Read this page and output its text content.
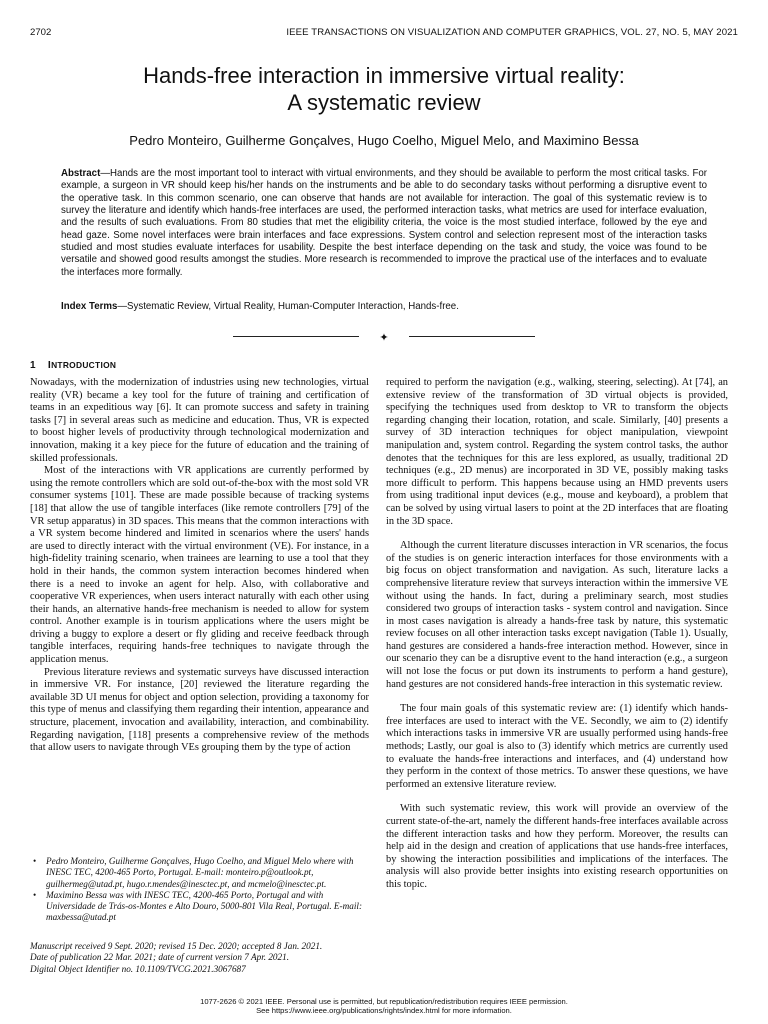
2702	IEEE TRANSACTIONS ON VISUALIZATION AND COMPUTER GRAPHICS, VOL. 27, NO. 5, MAY 2021
Hands-free interaction in immersive virtual reality:
A systematic review
Pedro Monteiro, Guilherme Gonçalves, Hugo Coelho, Miguel Melo, and Maximino Bessa
Abstract—Hands are the most important tool to interact with virtual environments, and they should be available to perform the most critical tasks. For example, a surgeon in VR should keep his/her hands on the instruments and be able to do secondary tasks without performing a disruptive event to the operative task. In this common scenario, one can observe that hands are not available for interaction. The goal of this systematic review is to survey the literature and identify which hands-free interfaces are used, the performed interaction tasks, what metrics are used for interface evaluation, and the results of such evaluations. From 80 studies that met the eligibility criteria, the voice is the most studied interface, followed by the eye and head gaze. Some novel interfaces were brain interfaces and face expressions. System control and selection represent most of the interaction tasks studied and most studies evaluate interfaces for usability. Despite the best interface depending on the task and study, the voice was found to be versatile and showed good results amongst the studies. More research is recommended to improve the practical use of the interfaces and to evaluate the interfaces more formally.
Index Terms—Systematic Review, Virtual Reality, Human-Computer Interaction, Hands-free.
✦
1 INTRODUCTION

Nowadays, with the modernization of industries using new technologies, virtual reality (VR) became a key tool for the future of training and certification of teams in an expeditious way [6]. It can promote success and safety in training tasks [7] in several areas such as medicine and education. Thus, VR is expected to boost higher levels of productivity through technological modernization and innovation, making it a key piece for the future of education and the training of skilled professionals.

Most of the interactions with VR applications are currently performed by using the remote controllers which are sold out-of-the-box with the most sold VR consumer systems [101]. These are made possible because of tracking systems [18] that allow the use of tangible interfaces (like remote controllers [79] of the VR setup apparatus) in 3D spaces. This means that the common interactions with a VR system become hindered and limited in scenarios where the users' hands are used to directly interact with the virtual environment (VE). For instance, in a high-fidelity training scenario, when trainees are learning to use a tool that they hold in their hands, the common system interaction becomes hindered when there is a need to invoke an agent for help. Also, with collaborative and cooperative VR experiences, when users interact naturally with each other using their hands, an alternative hands-free mechanism is needed to allow for system control. Another example is in tourism applications where the users might be driving a buggy to explore a desert or fly gliding and receive feedback through tangible interfaces, requiring hands-free techniques to navigate through the application menus.

Previous literature reviews and systematic surveys have discussed interaction in immersive VR. For instance, [20] reviewed the literature regarding the available 3D UI menus for object and option selection, providing a taxonomy for this type of menus and classifying them regarding their intention, appearance and structure, placement, invocation and availability, interaction, and combinability. Regarding navigation, [118] presents a comprehensive review of the methods that allow users to navigate through VEs grouping them by the type of action

• Pedro Monteiro, Guilherme Gonçalves, Hugo Coelho, and Miguel Melo where with INESC TEC, 4200-465 Porto, Portugal. E-mail: monteiro.p@outlook.pt, guilhermeg@utad.pt, hugo.r.mendes@inesctec.pt, and mcmelo@inesctec.pt.
• Maximino Bessa was with INESC TEC, 4200-465 Porto, Portugal and with Universidade de Trás-os-Montes e Alto Douro, 5000-801 Vila Real, Portugal. E-mail: maxbessa@utad.pt
Manuscript received 9 Sept. 2020; revised 15 Dec. 2020; accepted 8 Jan. 2021.
Date of publication 22 Mar. 2021; date of current version 7 Apr. 2021.
Digital Object Identifier no. 10.1109/TVCG.2021.3067687

required to perform the navigation (e.g., walking, steering, selecting). At [74], an extensive review of the transformation of 3D virtual objects is provided, specifying the techniques used from desktop to VR to transform the objects regarding changing their location, rotation, and scale. Similarly, [40] presents a survey of 3D interaction techniques for object manipulation, viewpoint manipulation and, system control. Regarding the system control tasks, the author denotes that the techniques for this are less explored, as usually, traditional 2D techniques (e.g., 2D menus) are incorporated in 3D VE, possibly making tasks more difficult to perform. This happens because using an HMD prevents users from using traditional input devices (e.g., mouse and keyboard), a problem that can be solved by using virtual lasers to point at the 2D interfaces that are floating in the 3D space.

Although the current literature discusses interaction in VR scenarios, the focus of the studies is on generic interaction interfaces for those environments with a big focus on object transformation and navigation. As such, literature lacks a comprehensive literature review that surveys interaction within the immersive VE without using the hands. In fact, during a preliminary search, most studies considered two groups of interaction tasks - system control and navigation. Since in most cases navigation is already a hands-free task by nature, this systematic review focuses on all other interaction tasks except navigation (Table 1). Usually, hand gestures are considered a hands-free interaction method. However, since in our scenario they can be a disruptive event to the hand interaction (e.g., a surgeon will not lose the focus or put down its instruments to perform a hand gesture), hand gestures are not considered hands-free interaction in this systematic review.

The four main goals of this systematic review are: (1) identify which hands-free interfaces are used to interact with the VE. Secondly, we aim to (2) identify which interactions tasks in immersive VR are usually performed using hands-free methods; Lastly, our goal is also to (3) identify which metrics are currently used to evaluate the hands-free interactions and interfaces, and (4) understand how they perform in the context of those metrics. To answer these questions, we have performed an extensive literature review.

With such systematic review, this work will provide an overview of the current state-of-the-art, namely the different hands-free interfaces available across the different interaction tasks and how they perform. Moreover, the results can help aid in the design and creation of applications that use hands-free interfaces, by showing the interaction possibilities and implications of the interfaces. The analysis will also provide better insights into existing research opportunities on this topic.

1077-2626 © 2021 IEEE. Personal use is permitted, but republication/redistribution requires IEEE permission.
See https://www.ieee.org/publications/rights/index.html for more information.
